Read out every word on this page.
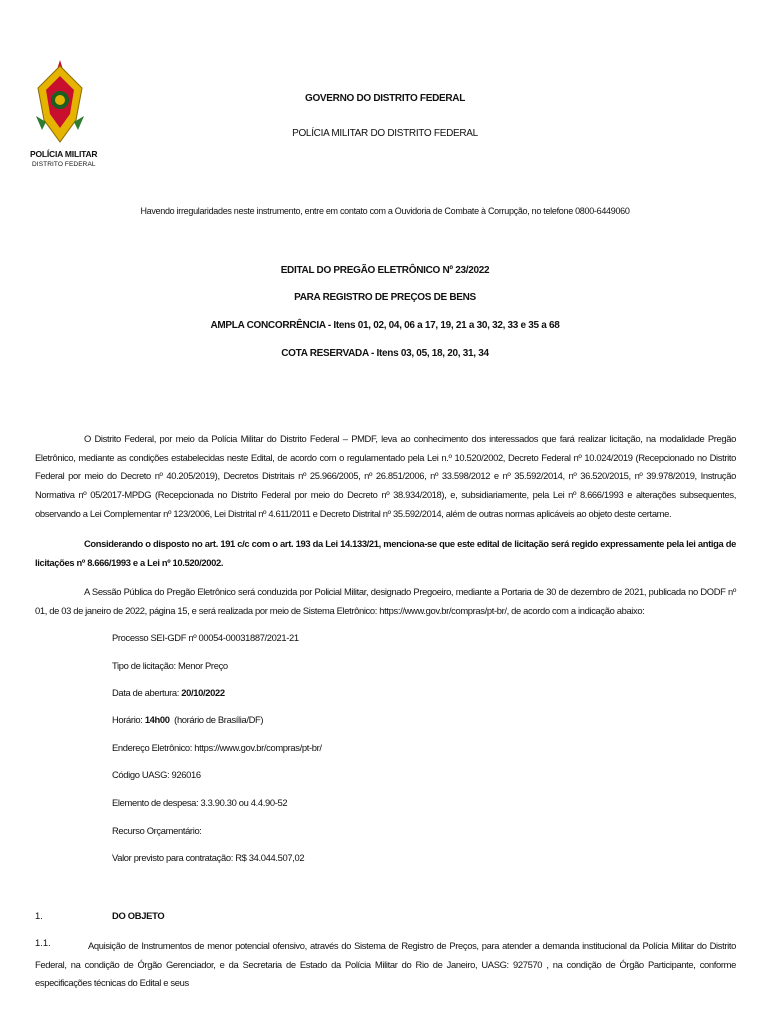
POLÍCIA MILITAR
DISTRITO FEDERAL
GOVERNO DO DISTRITO FEDERAL
POLÍCIA MILITAR DO DISTRITO FEDERAL
Havendo irregularidades neste instrumento, entre em contato com a Ouvidoria de Combate à Corrupção, no telefone 0800-6449060
EDITAL DO PREGÃO ELETRÔNICO Nº 23/2022
PARA REGISTRO DE PREÇOS DE BENS
AMPLA CONCORRÊNCIA - Itens 01, 02, 04, 06 a 17, 19, 21 a 30, 32, 33 e 35 a 68
COTA RESERVADA - Itens 03, 05, 18, 20, 31, 34
O Distrito Federal, por meio da Polícia Militar do Distrito Federal – PMDF, leva ao conhecimento dos interessados que fará realizar licitação, na modalidade Pregão Eletrônico, mediante as condições estabelecidas neste Edital, de acordo com o regulamentado pela Lei n.º 10.520/2002, Decreto Federal nº 10.024/2019 (Recepcionado no Distrito Federal por meio do Decreto nº 40.205/2019), Decretos Distritais nº 25.966/2005, nº 26.851/2006, nº 33.598/2012 e nº 35.592/2014, nº 36.520/2015, nº 39.978/2019, Instrução Normativa nº 05/2017-MPDG (Recepcionada no Distrito Federal por meio do Decreto nº 38.934/2018), e, subsidiariamente, pela Lei nº 8.666/1993 e alterações subsequentes, observando a Lei Complementar nº 123/2006, Lei Distrital nº 4.611/2011 e Decreto Distrital nº 35.592/2014, além de outras normas aplicáveis ao objeto deste certame.
Considerando o disposto no art. 191 c/c com o art. 193 da Lei 14.133/21, menciona-se que este edital de licitação será regido expressamente pela lei antiga de licitações nº 8.666/1993 e a Lei nº 10.520/2002.
A Sessão Pública do Pregão Eletrônico será conduzida por Policial Militar, designado Pregoeiro, mediante a Portaria de 30 de dezembro de 2021, publicada no DODF nº 01, de 03 de janeiro de 2022, página 15, e será realizada por meio de Sistema Eletrônico: https://www.gov.br/compras/pt-br/, de acordo com a indicação abaixo:
Processo SEI-GDF nº 00054-00031887/2021-21
Tipo de licitação: Menor Preço
Data de abertura: 20/10/2022
Horário: 14h00  (horário de Brasília/DF)
Endereço Eletrônico: https://www.gov.br/compras/pt-br/
Código UASG: 926016
Elemento de despesa: 3.3.90.30 ou 4.4.90-52
Recurso Orçamentário:
Valor previsto para contratação: R$ 34.044.507,02
1.	DO OBJETO
1.1.	Aquisição de Instrumentos de menor potencial ofensivo, através do Sistema de Registro de Preços, para atender a demanda institucional da Polícia Militar do Distrito Federal, na condição de Órgão Gerenciador, e da Secretaria de Estado da Polícia Militar do Rio de Janeiro, UASG: 927570 , na condição de Órgão Participante, conforme especificações técnicas do Edital e seus
